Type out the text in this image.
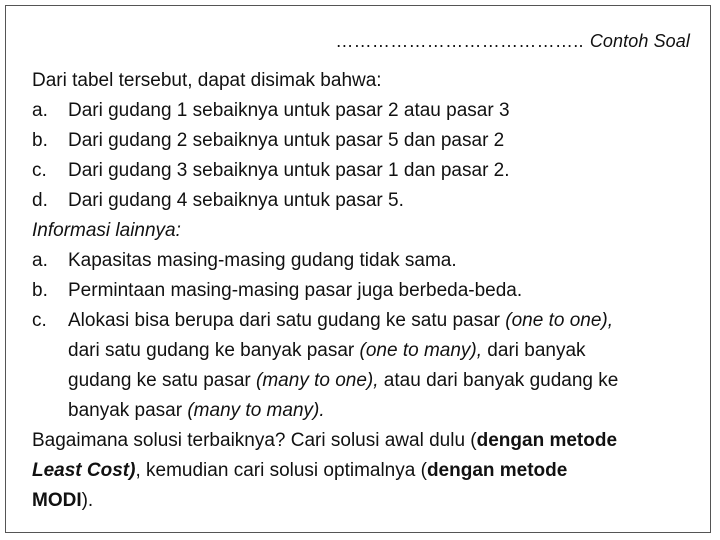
………………………………….. Contoh Soal
Dari tabel tersebut, dapat disimak bahwa:
a.	Dari gudang 1 sebaiknya untuk pasar 2 atau pasar 3
b.	Dari gudang 2 sebaiknya untuk pasar 5 dan pasar 2
c.	Dari gudang 3 sebaiknya untuk pasar 1 dan pasar 2.
d.	Dari gudang 4 sebaiknya untuk pasar 5.
Informasi lainnya:
a.	Kapasitas masing-masing gudang tidak sama.
b.	Permintaan masing-masing pasar juga berbeda-beda.
c.	Alokasi bisa berupa dari satu gudang ke satu pasar (one to one),
dari satu gudang ke banyak pasar (one to many), dari banyak
gudang ke satu pasar (many to one), atau dari banyak gudang ke
banyak pasar (many to many).
Bagaimana solusi terbaiknya? Cari solusi awal dulu (dengan metode
Least Cost), kemudian cari solusi optimalnya (dengan metode
MODI).
